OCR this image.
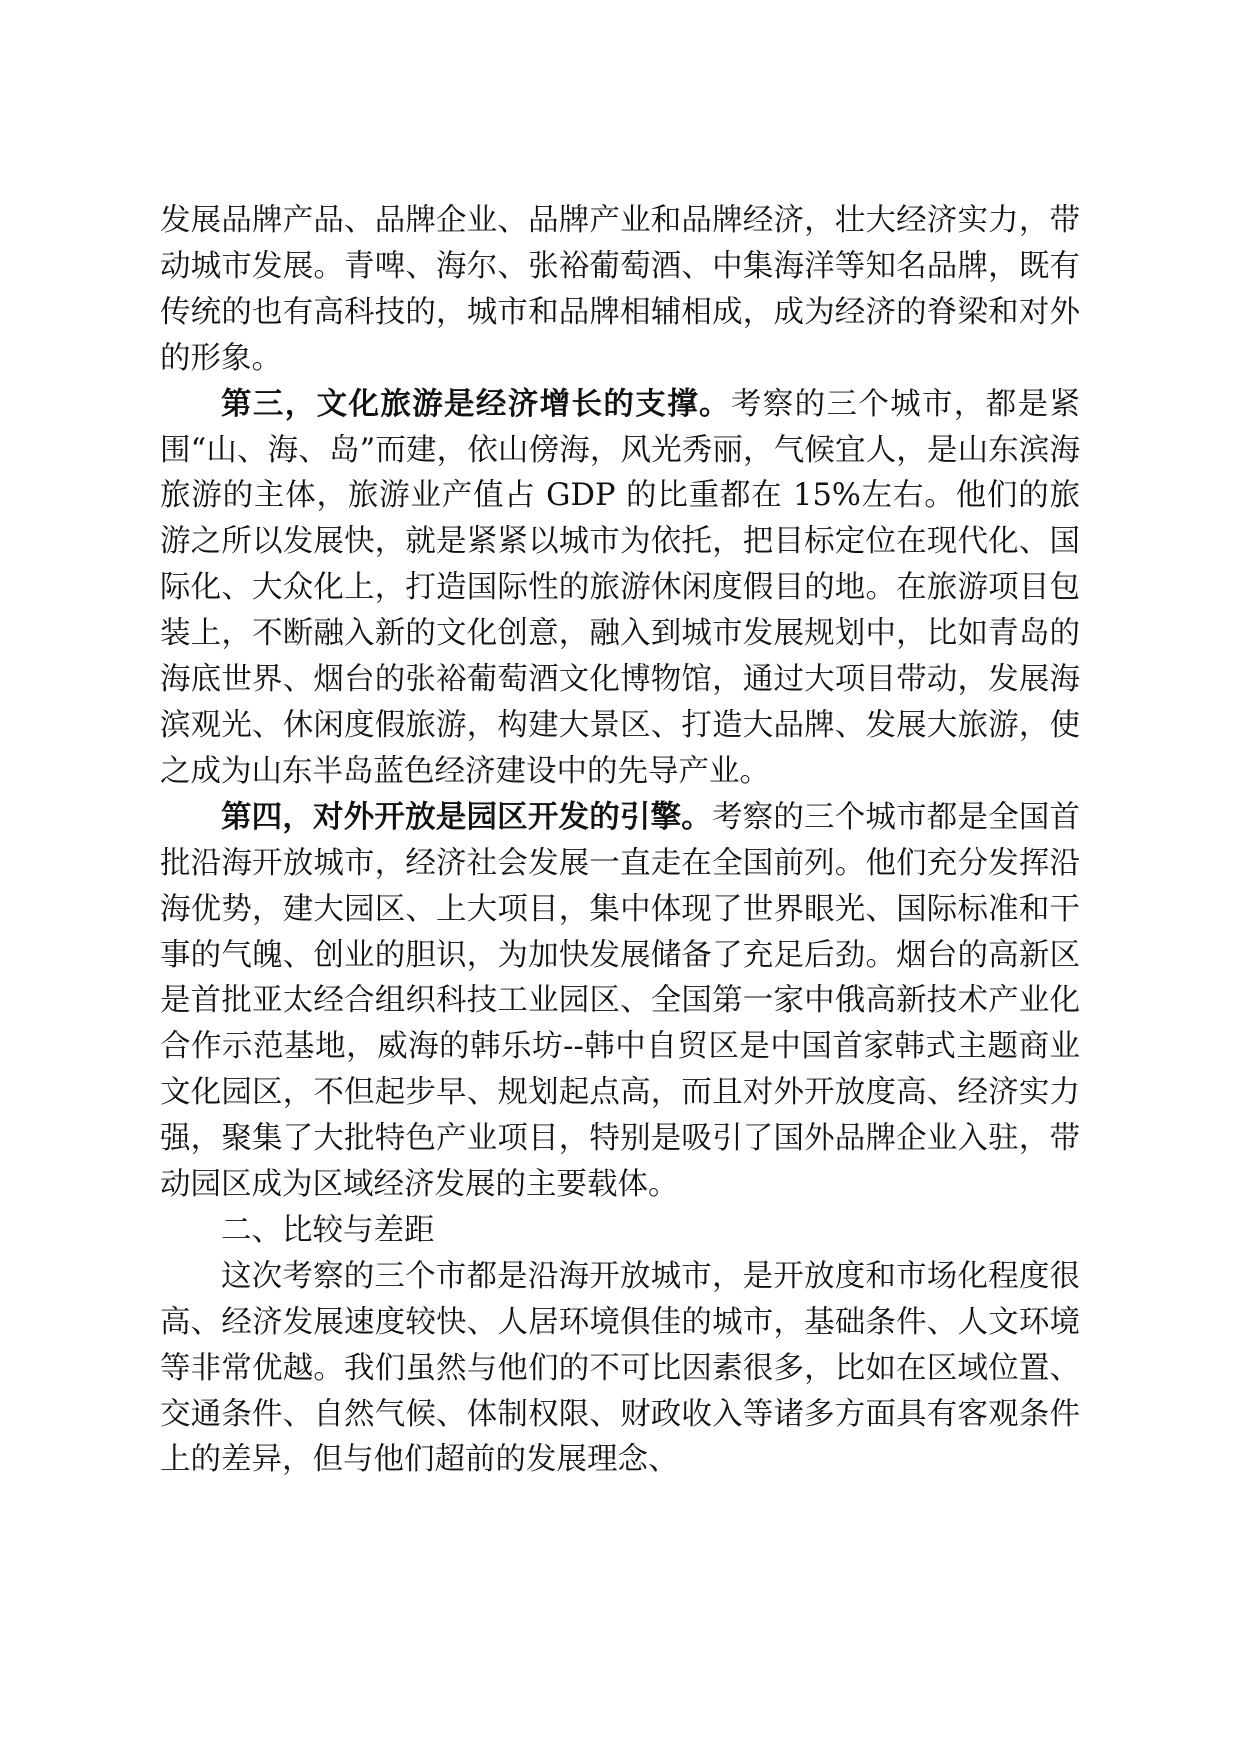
发展品牌产品、品牌企业、品牌产业和品牌经济，壮大经济实力，带动城市发展。青啤、海尔、张裕葡萄酒、中集海洋等知名品牌，既有传统的也有高科技的，城市和品牌相辅相成，成为经济的脊梁和对外的形象。

第三，文化旅游是经济增长的支撑。考察的三个城市，都是紧围“山、海、岛”而建，依山傍海，风光秀丽，气候宜人，是山东滨海旅游的主体，旅游业产值占 GDP 的比重都在 15%左右。他们的旅游之所以发展快，就是紧紧以城市为依托，把目标定位在现代化、国际化、大众化上，打造国际性的旅游休闲度假目的地。在旅游项目包装上，不断融入新的文化创意，融入到城市发展规划中，比如青岛的海底世界、烟台的张裕葡萄酒文化博物馆，通过大项目带动，发展海滨观光、休闲度假旅游，构建大景区、打造大品牌、发展大旅游，使之成为山东半岛蓝色经济建设中的先导产业。

第四，对外开放是园区开发的引擎。考察的三个城市都是全国首批沿海开放城市，经济社会发展一直走在全国前列。他们充分发挥沿海优势，建大园区、上大项目，集中体现了世界眼光、国际标准和干事的气魄、创业的胆识，为加快发展储备了充足后劲。烟台的高新区是首批亚太经合组织科技工业园区、全国第一家中俄高新技术产业化合作示范基地，威海的韩乐坊--韩中自贸区是中国首家韩式主题商业文化园区，不但起步早、规划起点高，而且对外开放度高、经济实力强，聚集了大批特色产业项目，特别是吸引了国外品牌企业入驻，带动园区成为区域经济发展的主要载体。

二、比较与差距

这次考察的三个市都是沿海开放城市，是开放度和市场化程度很高、经济发展速度较快、人居环境俱佳的城市，基础条件、人文环境等非常优越。我们虽然与他们的不可比因素很多，比如在区域位置、交通条件、自然气候、体制权限、财政收入等诸多方面具有客观条件上的差异，但与他们超前的发展理念、
